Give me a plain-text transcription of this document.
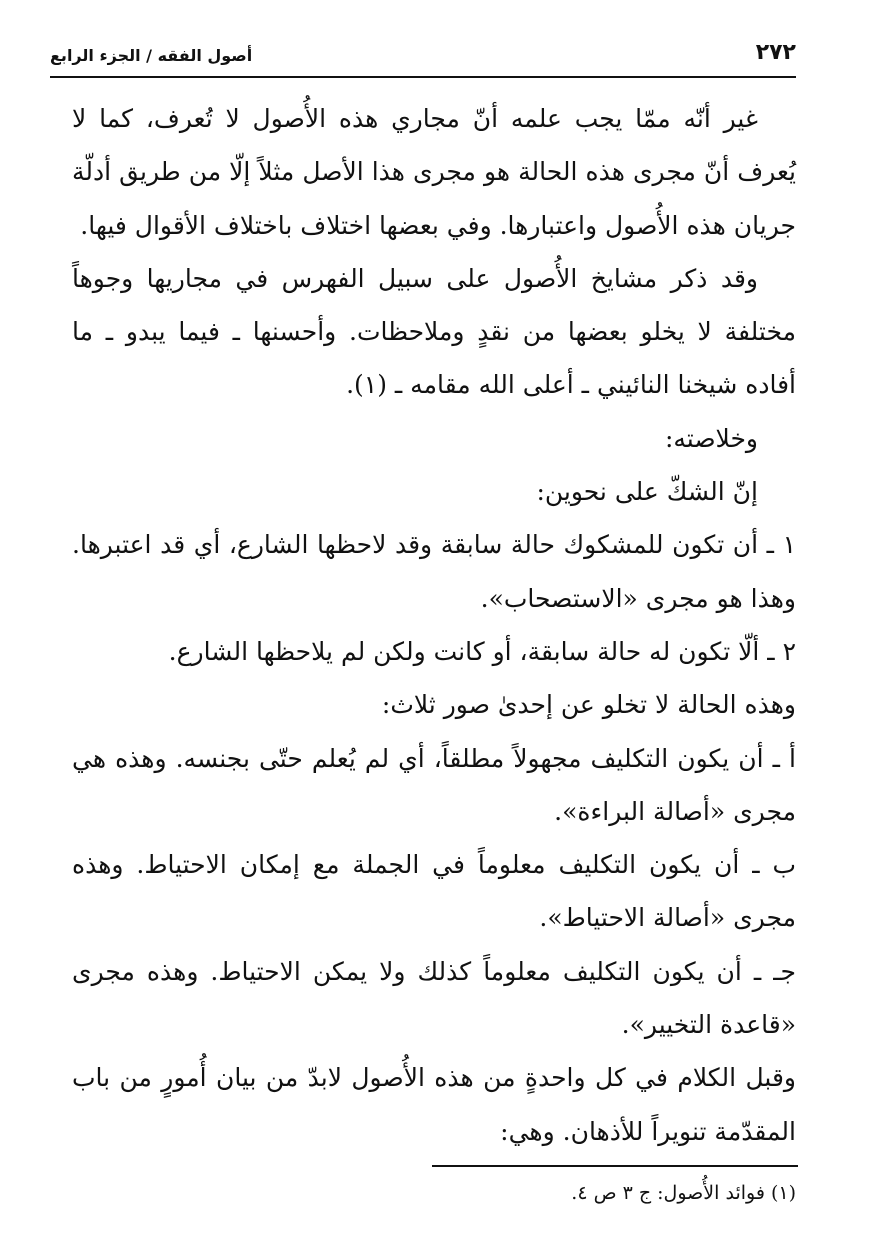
٢٧٢
أصول الفقه / الجزء الرابع

غير أنّه ممّا يجب علمه أنّ مجاري هذه الأُصول لا تُعرف، كما لا يُعرف أنّ مجرى هذه الحالة هو مجرى هذا الأصل مثلاً إلّا من طريق أدلّة جريان هذه الأُصول واعتبارها. وفي بعضها اختلاف باختلاف الأقوال فيها.

وقد ذكر مشايخ الأُصول على سبيل الفهرس في مجاريها وجوهاً مختلفة لا يخلو بعضها من نقدٍ وملاحظات. وأحسنها ـ فيما يبدو ـ ما أفاده شيخنا النائيني ـ أعلى الله مقامه ـ (١).

وخلاصته:

إنّ الشكّ على نحوين:

١ ـ أن تكون للمشكوك حالة سابقة وقد لاحظها الشارع، أي قد اعتبرها. وهذا هو مجرى «الاستصحاب».

٢ ـ ألّا تكون له حالة سابقة، أو كانت ولكن لم يلاحظها الشارع.

وهذه الحالة لا تخلو عن إحدىٰ صور ثلاث:

أ ـ أن يكون التكليف مجهولاً مطلقاً، أي لم يُعلم حتّى بجنسه. وهذه هي مجرى «أصالة البراءة».

ب ـ أن يكون التكليف معلوماً في الجملة مع إمكان الاحتياط. وهذه مجرى «أصالة الاحتياط».

جـ ـ أن يكون التكليف معلوماً كذلك ولا يمكن الاحتياط. وهذه مجرى «قاعدة التخيير».

وقبل الكلام في كل واحدةٍ من هذه الأُصول لابدّ من بيان أُمورٍ من باب المقدّمة تنويراً للأذهان. وهي:

(١) فوائد الأُصول: ج ٣ ص ٤.
